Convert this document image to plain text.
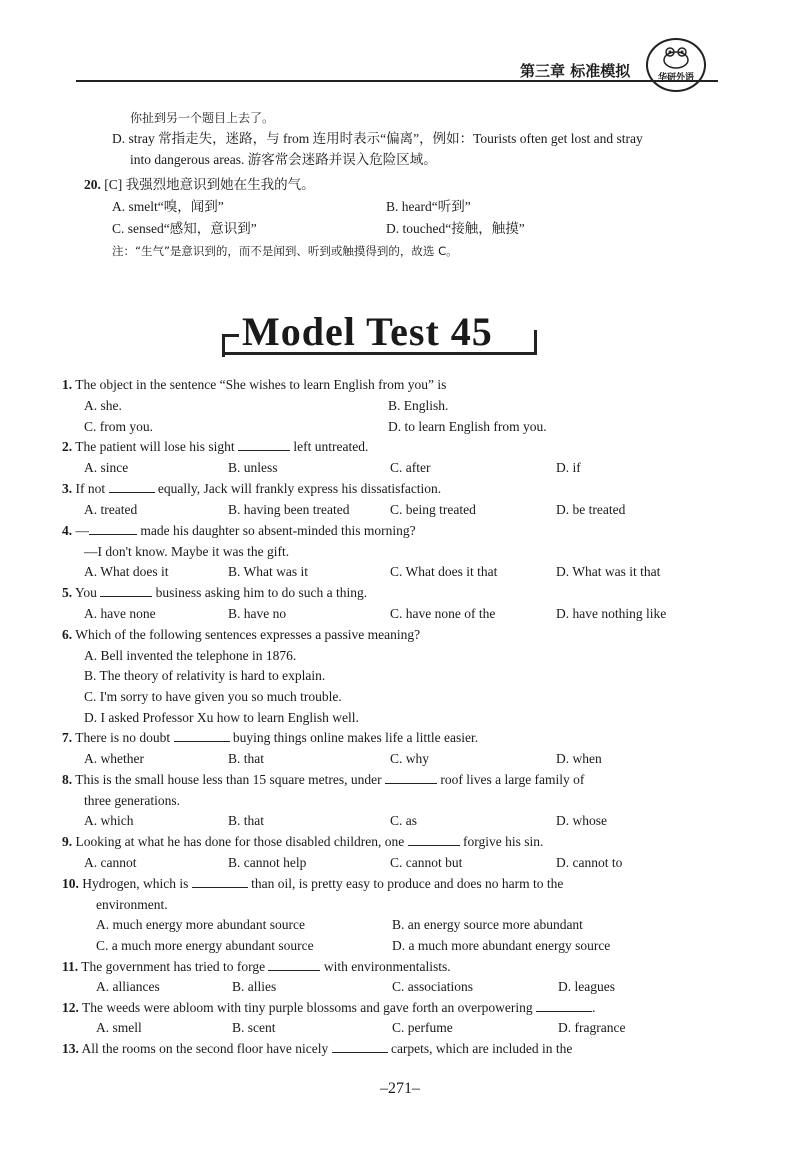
第三章 标准模拟	华研外语
你扯到另一个题目上去了。
D. stray 常指走失，迷路，与 from 连用时表示“偏离”，例如：Tourists often get lost and stray
into dangerous areas. 游客常会迷路并误入危险区域。
20. [C] 我强烈地意识到她在生我的气。
A. smelt“嗅，闻到”	B. heard“听到”
C. sensed“感知，意识到”	D. touched“接触，触摸”
注：“生气”是意识到的，而不是闻到、听到或触摸得到的，故选 C。
Model Test 45
1. The object in the sentence “She wishes to learn English from you” is
A. she.	B. English.
C. from you.	D. to learn English from you.
2. The patient will lose his sight	left untreated.
A. since	B. unless	C. after	D. if
3. If not	equally, Jack will frankly express his dissatisfaction.
A. treated	B. having been treated	C. being treated	D. be treated
4. —	made his daughter so absent-minded this morning?
—I don't know. Maybe it was the gift.
A. What does it	B. What was it	C. What does it that	D. What was it that
5. You	business asking him to do such a thing.
A. have none	B. have no	C. have none of the	D. have nothing like
6. Which of the following sentences expresses a passive meaning?
A. Bell invented the telephone in 1876.
B. The theory of relativity is hard to explain.
C. I'm sorry to have given you so much trouble.
D. I asked Professor Xu how to learn English well.
7. There is no doubt	buying things online makes life a little easier.
A. whether	B. that	C. why	D. when
8. This is the small house less than 15 square metres, under	roof lives a large family of
three generations.
A. which	B. that	C. as	D. whose
9. Looking at what he has done for those disabled children, one	forgive his sin.
A. cannot	B. cannot help	C. cannot but	D. cannot to
10. Hydrogen, which is	than oil, is pretty easy to produce and does no harm to the
environment.
A. much energy more abundant source	B. an energy source more abundant
C. a much more energy abundant source	D. a much more abundant energy source
11. The government has tried to forge	with environmentalists.
A. alliances	B. allies	C. associations	D. leagues
12. The weeds were abloom with tiny purple blossoms and gave forth an overpowering	.
A. smell	B. scent	C. perfume	D. fragrance
13. All the rooms on the second floor have nicely	carpets, which are included in the
–271–
